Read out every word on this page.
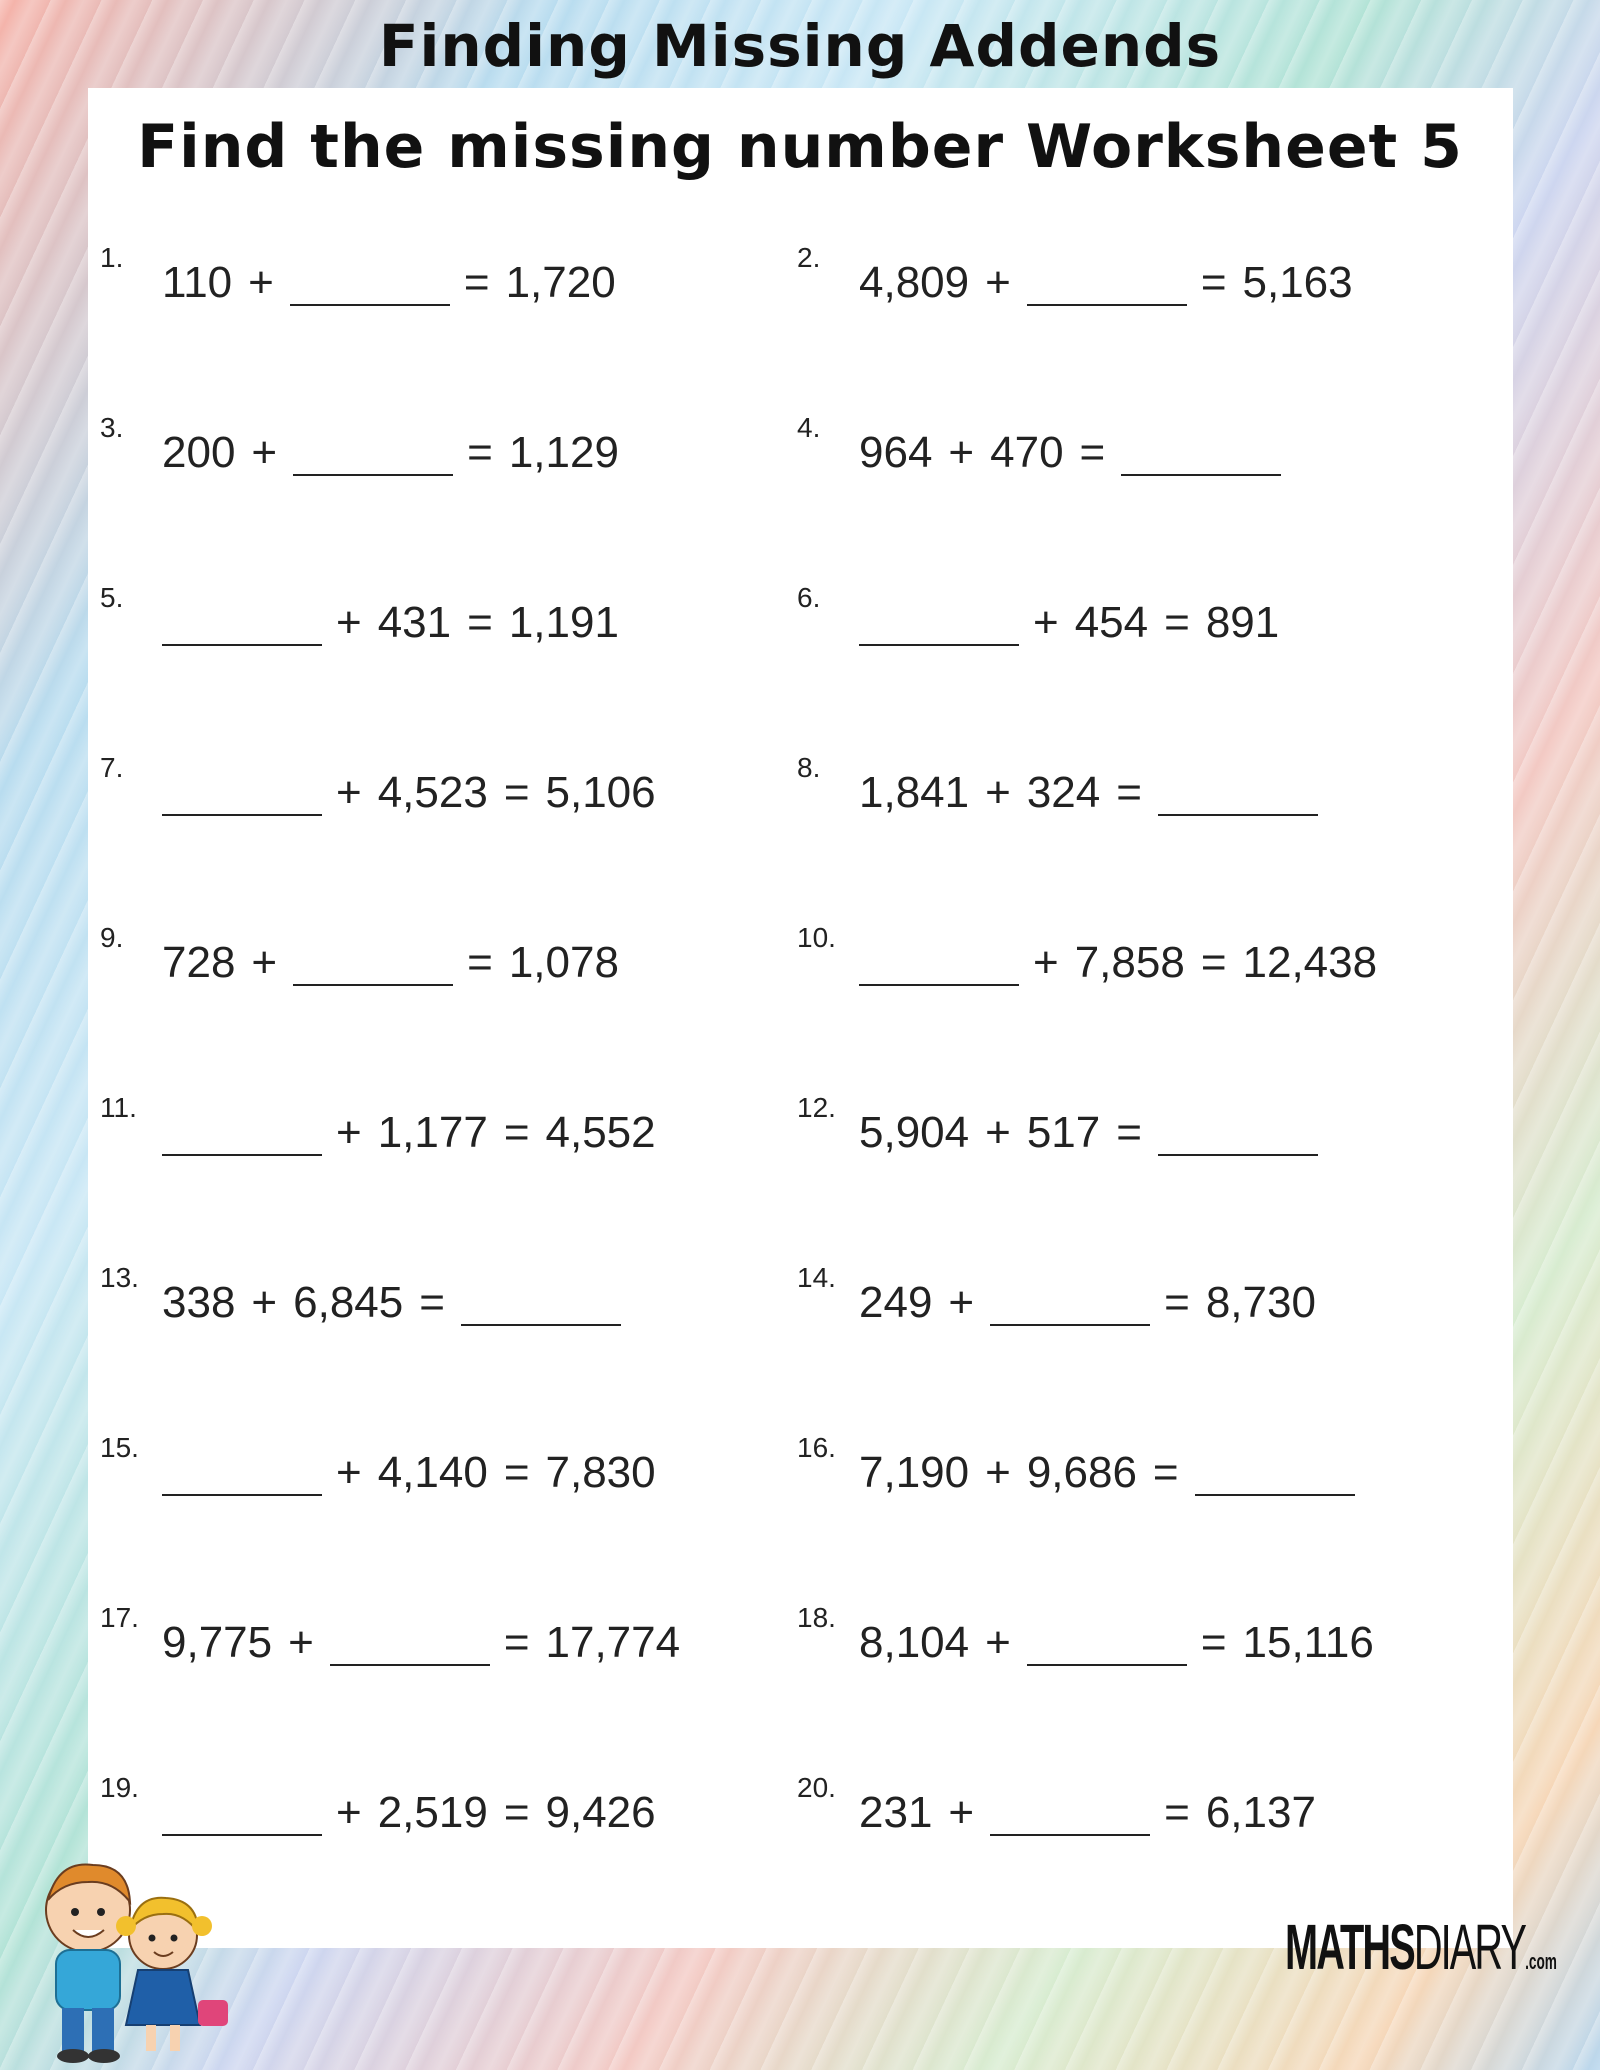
Finding Missing Addends
Find the missing number Worksheet 5
1.
110 +	= 1,720
2.
4,809 +	= 5,163
3.
200 +	= 1,129
4.
964 + 470 =
5.
+ 431 = 1,191
6.
+ 454 = 891
7.
+ 4,523 = 5,106
8.
1,841 + 324 =
9.
728 +	= 1,078
10.
+ 7,858 = 12,438
11.
+ 1,177 = 4,552
12.
5,904 + 517 =
13.
338 + 6,845 =
14.
249 +	= 8,730
15.
+ 4,140 = 7,830
16.
7,190 + 9,686 =
17.
9,775 +	= 17,774
18.
8,104 +	= 15,116
19.
+ 2,519 = 9,426
20.
231 +	= 6,137
MATHSDIARY.com
